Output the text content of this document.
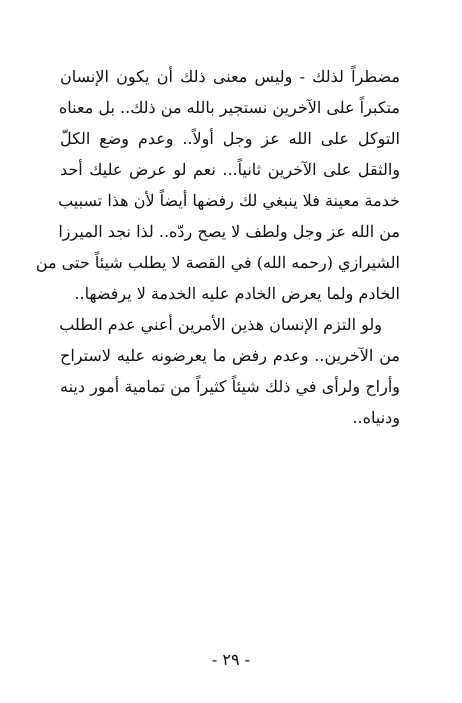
مضطراً لذلك - وليس معنى ذلك أن يكون الإنسان
متكبراً على الآخرين نستجير بالله من ذلك.. بل معناه
التوكل على الله عز وجل أولاً.. وعدم وضع الكلّ
والثقل على الآخرين ثانياً... نعم لو عرض عليك أحد
خدمة معينة فلا ينبغي لك رفضها أيضاً لأن هذا تسبيب
من الله عز وجل ولطف لا يصح ردّه.. لذا نجد الميرزا
الشيرازي (رحمه الله) في القصة لا يطلب شيئاً حتى من
الخادم ولما يعرض الخادم عليه الخدمة لا يرفضها..
ولو التزم الإنسان هذين الأمرين أعني عدم الطلب
من الآخرين.. وعدم رفض ما يعرضونه عليه لاستراح
وأراح ولرأى في ذلك شيئاً كثيراً من تمامية أمور دينه
ودنياه..
- ٢٩ -
